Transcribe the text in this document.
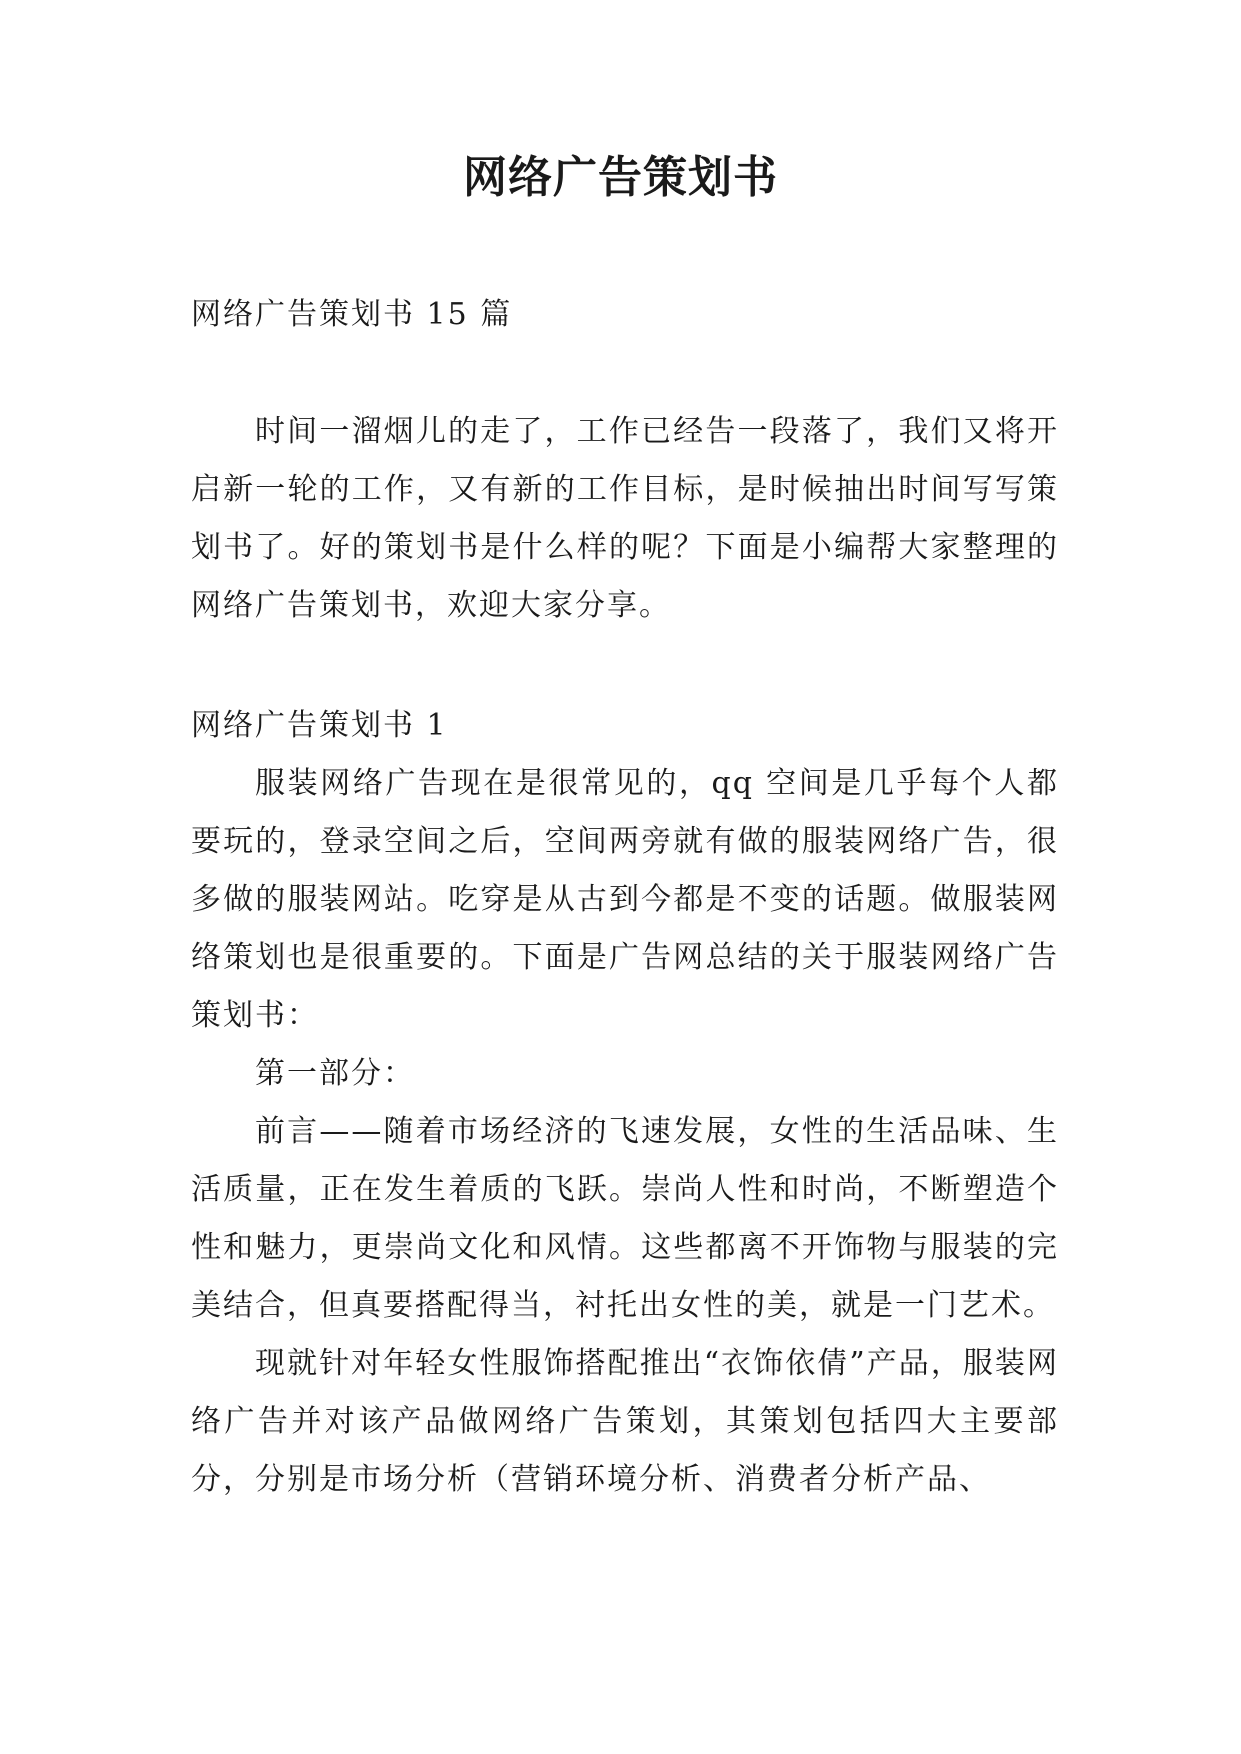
网络广告策划书

网络广告策划书 15 篇

时间一溜烟儿的走了，工作已经告一段落了，我们又将开启新一轮的工作，又有新的工作目标，是时候抽出时间写写策划书了。好的策划书是什么样的呢？下面是小编帮大家整理的网络广告策划书，欢迎大家分享。

网络广告策划书 1

服装网络广告现在是很常见的，qq 空间是几乎每个人都要玩的，登录空间之后，空间两旁就有做的服装网络广告，很多做的服装网站。吃穿是从古到今都是不变的话题。做服装网络策划也是很重要的。下面是广告网总结的关于服装网络广告策划书：

第一部分：

前言——随着市场经济的飞速发展，女性的生活品味、生活质量，正在发生着质的飞跃。崇尚人性和时尚，不断塑造个性和魅力，更崇尚文化和风情。这些都离不开饰物与服装的完美结合，但真要搭配得当，衬托出女性的美，就是一门艺术。

现就针对年轻女性服饰搭配推出“衣饰依倩”产品，服装网络广告并对该产品做网络广告策划，其策划包括四大主要部分，分别是市场分析（营销环境分析、消费者分析产品、
